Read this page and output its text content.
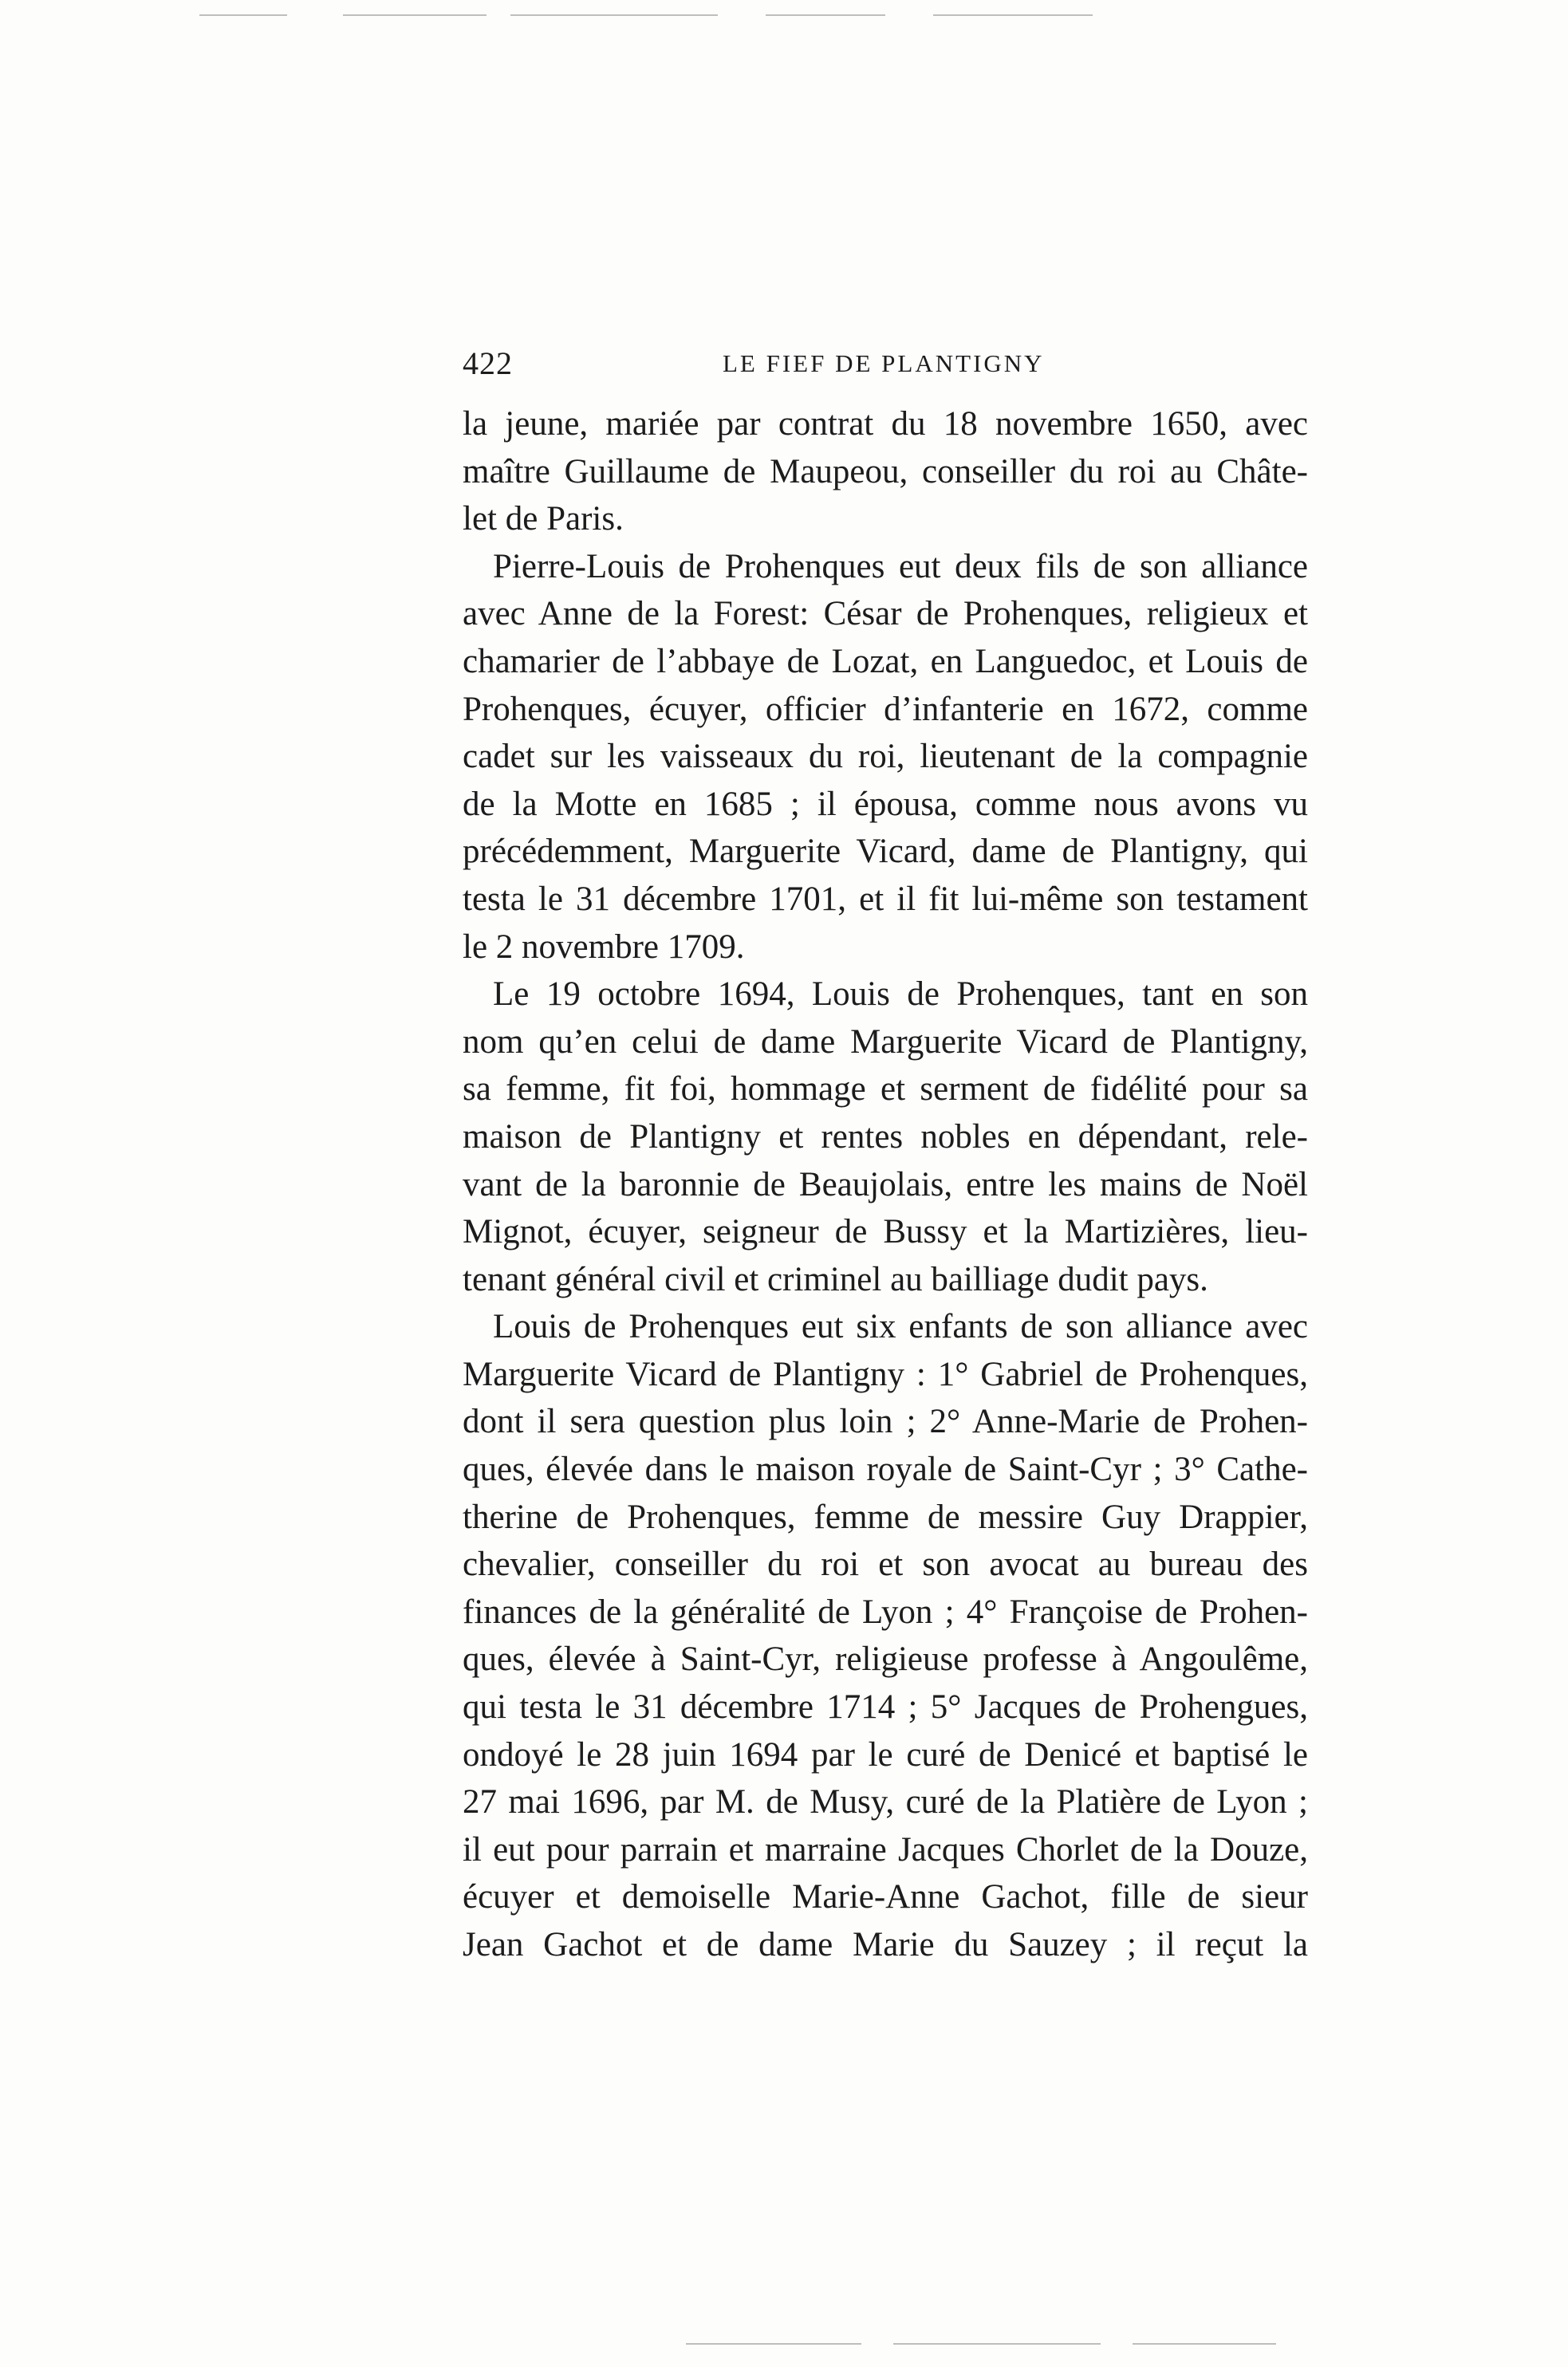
422	LE FIEF DE PLANTIGNY
la jeune, mariée par contrat du 18 novembre 1650, avec
maître Guillaume de Maupeou, conseiller du roi au Châte-
let de Paris.
Pierre-Louis de Prohenques eut deux fils de son alliance
avec Anne de la Forest: César de Prohenques, religieux et
chamarier de l’abbaye de Lozat, en Languedoc, et Louis de
Prohenques, écuyer, officier d’infanterie en 1672, comme
cadet sur les vaisseaux du roi, lieutenant de la compagnie
de la Motte en 1685 ; il épousa, comme nous avons vu
précédemment, Marguerite Vicard, dame de Plantigny, qui
testa le 31 décembre 1701, et il fit lui-même son testament
le 2 novembre 1709.
Le 19 octobre 1694, Louis de Prohenques, tant en son
nom qu’en celui de dame Marguerite Vicard de Plantigny,
sa femme, fit foi, hommage et serment de fidélité pour sa
maison de Plantigny et rentes nobles en dépendant, rele-
vant de la baronnie de Beaujolais, entre les mains de Noël
Mignot, écuyer, seigneur de Bussy et la Martizières, lieu-
tenant général civil et criminel au bailliage dudit pays.
Louis de Prohenques eut six enfants de son alliance avec
Marguerite Vicard de Plantigny : 1° Gabriel de Prohenques,
dont il sera question plus loin ; 2° Anne-Marie de Prohen-
ques, élevée dans le maison royale de Saint-Cyr ; 3° Cathe-
therine de Prohenques, femme de messire Guy Drappier,
chevalier, conseiller du roi et son avocat au bureau des
finances de la généralité de Lyon ; 4° Françoise de Prohen-
ques, élevée à Saint-Cyr, religieuse professe à Angoulême,
qui testa le 31 décembre 1714 ; 5° Jacques de Prohengues,
ondoyé le 28 juin 1694 par le curé de Denicé et baptisé le
27 mai 1696, par M. de Musy, curé de la Platière de Lyon ;
il eut pour parrain et marraine Jacques Chorlet de la Douze,
écuyer et demoiselle Marie-Anne Gachot, fille de sieur
Jean Gachot et de dame Marie du Sauzey ; il reçut la
